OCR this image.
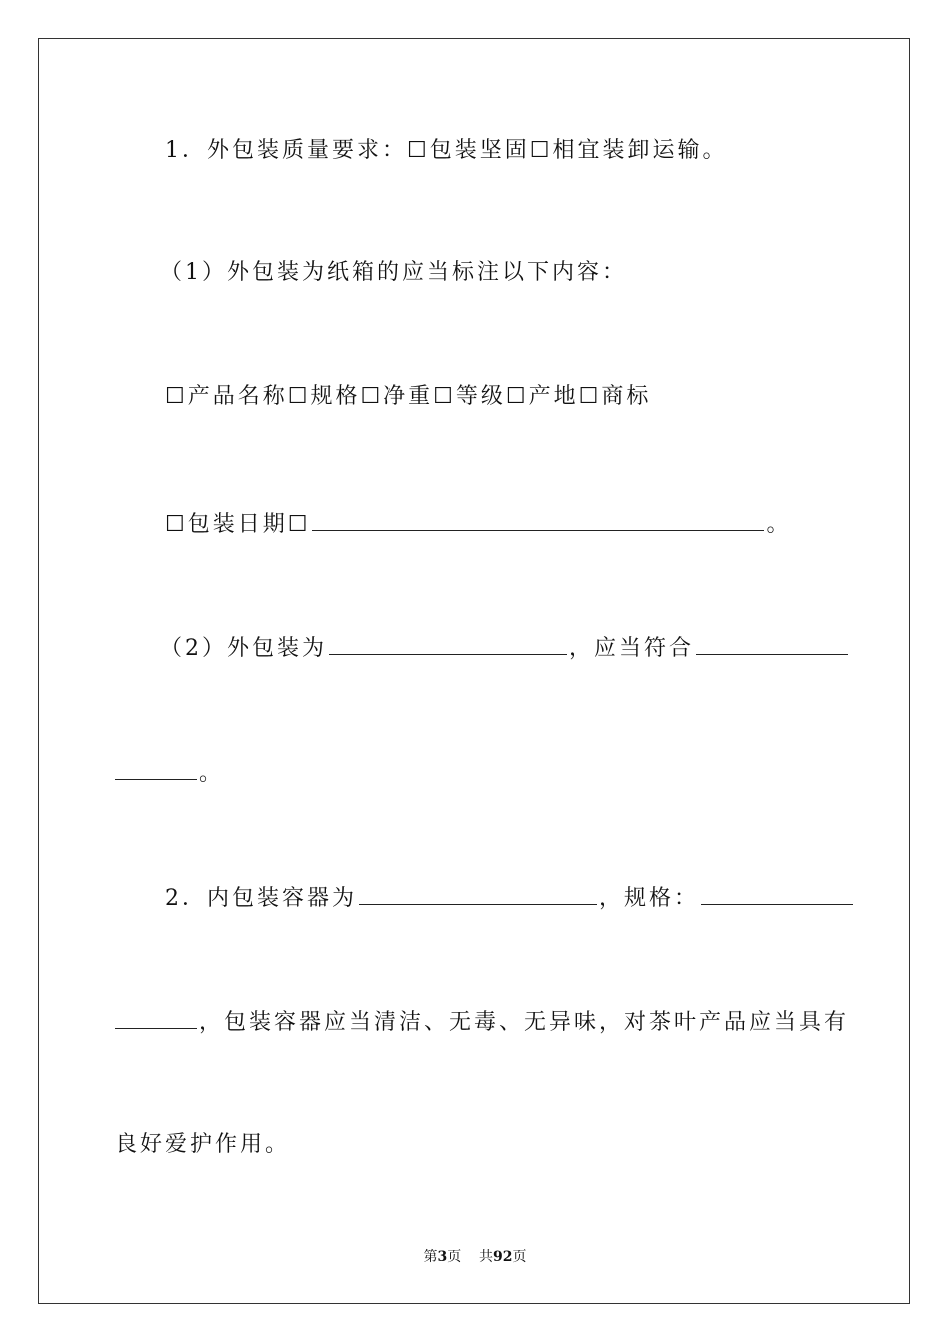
1．外包装质量要求：☐包装坚固☐相宜装卸运输。
（1）外包装为纸箱的应当标注以下内容：
☐产品名称☐规格☐净重☐等级☐产地☐商标
☐包装日期☐	。
（2）外包装为	，应当符合
。
2．内包装容器为	，规格：
，包装容器应当清洁、无毒、无异味，对茶叶产品应当具有
良好爱护作用。
第3页 共92页
